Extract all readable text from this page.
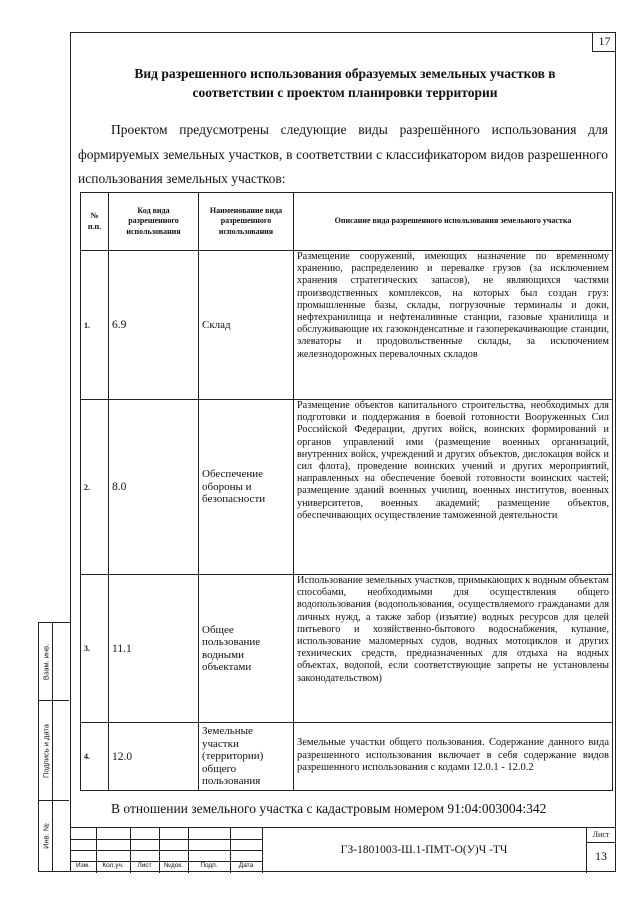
17
Взам. инв.
Подпись и дата
Инв. №
Вид разрешенного использования образуемых земельных участков в соответствии с проектом планировки территории
Проектом предусмотрены следующие виды разрешённого использования для формируемых земельных участков, в соответствии с классификатором видов разрешенного использования земельных участков:
№ п.п.	Код вида разрешенного использования	Наименование вида разрешенного использования	Описание вида разрешенного использования земельного участка
1.	6.9	Склад	Размещение сооружений, имеющих назначение по временному хранению, распределению и перевалке грузов (за исключением хранения стратегических запасов), не являющихся частями производственных комплексов, на которых был создан груз: промышленные базы, склады, погрузочные терминалы и доки, нефтехранилища и нефтеналивные станции, газовые хранилища и обслуживающие их газоконденсатные и газоперекачивающие станции, элеваторы и продовольственные склады, за исключением железнодорожных перевалочных складов
2.	8.0	Обеспечение обороны и безопасности	Размещение объектов капитального строительства, необходимых для подготовки и поддержания в боевой готовности Вооруженных Сил Российской Федерации, других войск, воинских формирований и органов управлений ими (размещение военных организаций, внутренних войск, учреждений и других объектов, дислокация войск и сил флота), проведение воинских учений и других мероприятий, направленных на обеспечение боевой готовности воинских частей; размещение зданий военных училищ, военных институтов, военных университетов, военных академий; размещение объектов, обеспечивающих осуществление таможенной деятельности
3.	11.1	Общее пользование водными объектами	Использование земельных участков, примыкающих к водным объектам способами, необходимыми для осуществления общего водопользования (водопользования, осуществляемого гражданами для личных нужд, а также забор (изъятие) водных ресурсов для целей питьевого и хозяйственно-бытового водоснабжения, купание, использование маломерных судов, водных мотоциклов и других технических средств, предназначенных для отдыха на водных объектах, водопой, если соответствующие запреты не установлены законодательством)
4.	12.0	Земельные участки (территории) общего пользования	Земельные участки общего пользования. Содержание данного вида разрешенного использования включает в себя содержание видов разрешенного использования с кодами 12.0.1 - 12.0.2
В отношении земельного участка с кадастровым номером 91:04:003004:342
Изм.	Кол.уч.	Лист	№док.	Подп.	Дата
ГЗ-1801003-Ш.1-ПМТ-О(У)Ч -ТЧ
Лист
13
